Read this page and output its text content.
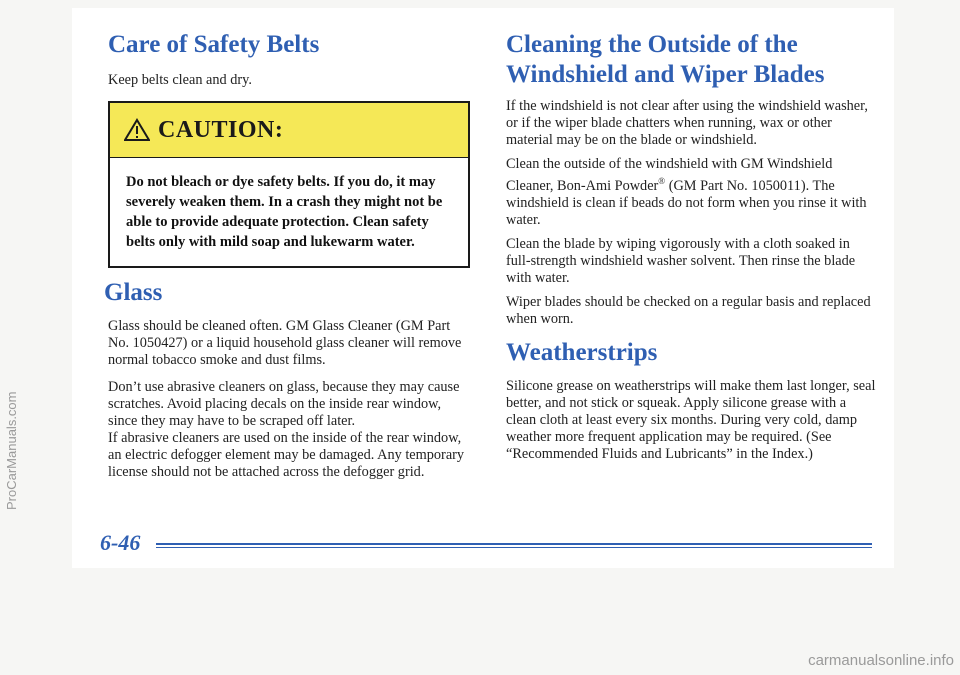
ProCarManuals.com
Care of Safety Belts

Keep belts clean and dry.

CAUTION:
Do not bleach or dye safety belts. If you do, it may severely weaken them. In a crash they might not be able to provide adequate protection. Clean safety belts only with mild soap and lukewarm water.
Glass

Glass should be cleaned often. GM Glass Cleaner (GM Part No. 1050427) or a liquid household glass cleaner will remove normal tobacco smoke and dust films.

Don’t use abrasive cleaners on glass, because they may cause scratches. Avoid placing decals on the inside rear window, since they may have to be scraped off later.

If abrasive cleaners are used on the inside of the rear window, an electric defogger element may be damaged. Any temporary license should not be attached across the defogger grid.

Cleaning the Outside of the Windshield and Wiper Blades

If the windshield is not clear after using the windshield washer, or if the wiper blade chatters when running, wax or other material may be on the blade or windshield.

Clean the outside of the windshield with GM Windshield Cleaner, Bon-Ami Powder® (GM Part No. 1050011). The windshield is clean if beads do not form when you rinse it with water.

Clean the blade by wiping vigorously with a cloth soaked in full-strength windshield washer solvent. Then rinse the blade with water.

Wiper blades should be checked on a regular basis and replaced when worn.

Weatherstrips

Silicone grease on weatherstrips will make them last longer, seal better, and not stick or squeak. Apply silicone grease with a clean cloth at least every six months. During very cold, damp weather more frequent application may be required. (See “Recommended Fluids and Lubricants” in the Index.)

6-46
carmanualsonline.info
